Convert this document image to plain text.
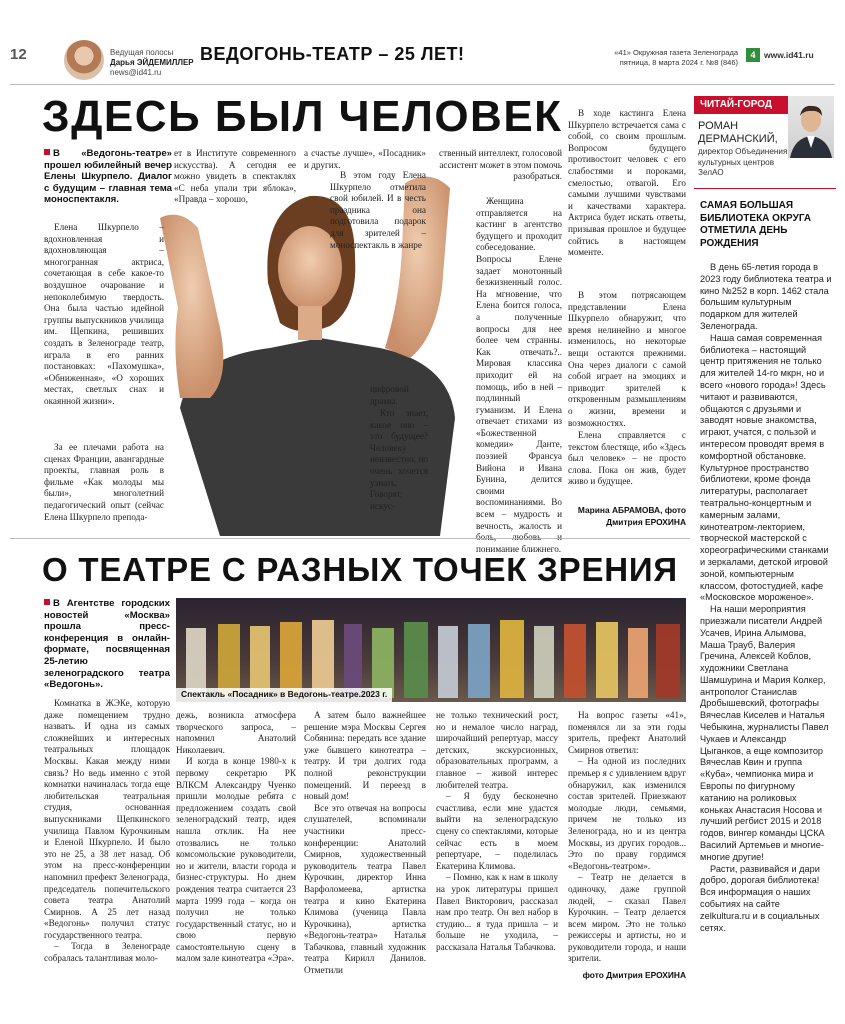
12	Ведущая полосы
Дарья ЭЙДЕМИЛЛЕР
news@id41.ru
ВЕДОГОНЬ-ТЕАТР – 25 ЛЕТ!	«41» Окружная газета Зеленограда
пятница, 8 марта 2024 г. №8 (846)
4	www.id41.ru
ЗДЕСЬ БЫЛ ЧЕЛОВЕК
В «Ведогонь-театре» прошел юбилейный вечер Елены Шкурпело. Диалог с будущим – главная тема моноспектакля.

Елена Шкурпело – вдохновленная и вдохновляющая – многогранная актриса, сочетающая в себе какое-то воздушное очарование и непоколебимую твердость. Она была частью идейной группы выпускников училища им. Щепкина, решивших создать в Зеленограде театр, играла в его ранних постановках: «Пахомушка», «Обниженная», «О хороших местах, светлых снах и окаянной жизни».

За ее плечами работа на сценах Франции, авангардные проекты, главная роль в фильме «Как молоды мы были», многолетний педагогический опыт (сейчас Елена Шкурпело препода-

ет в Институте современного искусства). А сегодня ее можно увидеть в спектаклях «С неба упали три яблока», «Правда – хорошо,

а счастье лучше», «Посадник» и других.

В этом году Елена Шкурпело отметила свой юбилей. И в честь праздника она подготовила подарок для зрителей – моноспектакль в жанре

цифровой драмы.

Кто знает, какое оно – это будущее? Человеку неизвестно, но очень хочется узнать. Говорят, искус-

ственный интеллект, голосовой ассистент может в этом помочь разобраться.

Женщина отправляется на кастинг в агентство будущего и проходит собеседование. Вопросы Елене задает монотонный безжизненный голос. На мгновение, что Елена боится голоса, а полученные вопросы для нее более чем странны. Как отвечать?.. Мировая классика приходит ей на помощь, ибо в ней – подлинный гуманизм. И Елена отвечает стихами из «Божественной комедии» Данте, поэзией Франсуа Вийона и Ивана Бунина, делится своими воспоминаниями. Во всем – мудрость и вечность, жалость и понимание ближнего.

В ходе кастинга Елена Шкурпело встречается сама с собой, со своим прошлым. Вопросом будущего противостоит человек с его слабостями и пороками, смелостью, отвагой. Его самыми лучшими чувствами и качествами характера. Актриса будет искать ответы, призывая прошлое и будущее сойтись в настоящем моменте.

В этом потрясающем представлении Елена Шкурпело обнаружит, что время нелинейно и многое изменилось, но некоторые вещи остаются прежними. Она через диалоги с самой собой играет на эмоциях и приводит зрителей к откровенным размышлениям о жизни, времени и возможностях.

Елена справляется с текстом блестяще, ибо «Здесь был человек» – не просто слова. Пока он жив, будет живо и будущее.

Марина АБРАМОВА, фото Дмитрия ЕРОХИНА
ЧИТАЙ-ГОРОД
РОМАН
ДЕРМАНСКИЙ,
директор Объединения культурных центров ЗелАО
САМАЯ БОЛЬШАЯ БИБЛИОТЕКА ОКРУГА ОТМЕТИЛА ДЕНЬ РОЖДЕНИЯ

В день 65-летия города в 2023 году библиотека театра и кино №252 в корп. 1462 стала большим культурным подарком для жителей Зеленограда.

Наша самая современная библиотека – настоящий центр притяжения не только для жителей 14-го мкрн, но и всего «нового города»! Здесь читают и развиваются, общаются с друзьями и заводят новые знакомства, играют, учатся, с пользой и интересом проводят время в комфортной обстановке. Культурное пространство библиотеки, кроме фонда литературы, располагает театрально-концертным и камерным залами, кинотеатром-лекторием, творческой мастерской с хореографическими станками и зеркалами, детской игровой зоной, компьютерным классом, фотостудией, кафе «Московское мороженое».

На наши мероприятия приезжали писатели Андрей Усачев, Ирина Алымова, Маша Трауб, Валерия Гречина, Алексей Коблов, художники Светлана Шамшурина и Мария Колкер, антрополог Станислав Дробышевский, фотографы Вячеслав Киселев и Наталья Чебыкина, журналисты Павел Чукаев и Александр Цыганков, а еще композитор Вячеслав Квин и группа «Куба», чемпионка мира и Европы по фигурному катанию на роликовых коньках Анастасия Носова и лучший регбист 2015 и 2018 годов, вингер команды ЦСКА Василий Артемьев и многие-многие другие!

Расти, развивайся и дари добро, дорогая библиотека! Вся информация о наших событиях на сайте zelkultura.ru и в социальных сетях.

О ТЕАТРЕ С РАЗНЫХ ТОЧЕК ЗРЕНИЯ
В Агентстве городских новостей «Москва» прошла пресс-конференция в онлайн-формате, посвященная 25-летию зеленоградского театра «Ведогонь».
Спектакль «Посадник» в Ведогонь-театре.2023 г.

Комнатка в ЖЭКе, которую даже помещением трудно назвать. И одна из самых сложнейших и интересных театральных площадок Москвы. Какая между ними связь? Но ведь именно с этой комнатки начиналась тогда еще любительская театральная студия, основанная выпускниками Щепкинского училища Павлом Курочкиным и Еленой Шкурпело. И было это не 25, а 38 лет назад. Об этом на пресс-конференции напомнил префект Зеленограда, председатель попечительского совета театра Анатолий Смирнов. А 25 лет назад «Ведогонь» получил статус государственного театра.

– Тогда в Зеленограде собралась талантливая моло-

дежь, возникла атмосфера творческого запроса, – напомнил Анатолий Николаевич.

И когда в конце 1980-х к первому секретарю РК ВЛКСМ Александру Чуенко пришли молодые ребята с предложением создать свой зеленоградский театр, идея нашла отклик. На нее отозвались не только комсомольские руководители, но и жители, власти города и бизнес-структуры. Но днем рождения театра считается 23 марта 1999 года – когда он получил не только государственный статус, но и свою первую самостоятельную сцену в малом зале кинотеатра «Эра».

А затем было важнейшее решение мэра Москвы Сергея Собянина: передать все здание уже бывшего кинотеатра – театру. И три долгих года полной реконструкции помещений. И переезд в новый дом!

Все это отвечая на вопросы слушателей, вспоминали участники пресс-конференции: Анатолий Смирнов, художественный руководитель театра Павел Курочкин, директор Инна Варфоломеева, артистка театра и кино Екатерина Климова (ученица Павла Курочкина), артистка «Ведогонь-театра» Наталья Табачкова, главный художник театра Кирилл Данилов. Отметили

не только технический рост, но и немалое число наград, широчайший репертуар, массу детских, экскурсионных, образовательных программ, а главное – живой интерес любителей театра.

– Я буду бесконечно счастлива, если мне удастся выйти на зеленоградскую сцену со спектаклями, которые сейчас есть в моем репертуаре, – поделилась Екатерина Климова.

– Помню, как к нам в школу на урок литературы пришел Павел Викторович, рассказал нам про театр. Он вел набор в студию... я туда пришла – и больше не уходила, – рассказала Наталья Табачкова.

На вопрос газеты «41», поменялся ли за эти годы зритель, префект Анатолий Смирнов ответил:

– На одной из последних премьер я с удивлением вдруг обнаружил, как изменился состав зрителей. Приезжают молодые люди, семьями, причем не только из Зеленограда, но и из центра Москвы, из других городов... Это по праву гордимся «Ведогонь-театром».

– Театр не делается в одиночку, даже группой людей, – сказал Павел Курочкин. – Театр делается всем миром. Это не только режиссеры и артисты, но и руководители города, и наши зрители.

фото Дмитрия ЕРОХИНА
